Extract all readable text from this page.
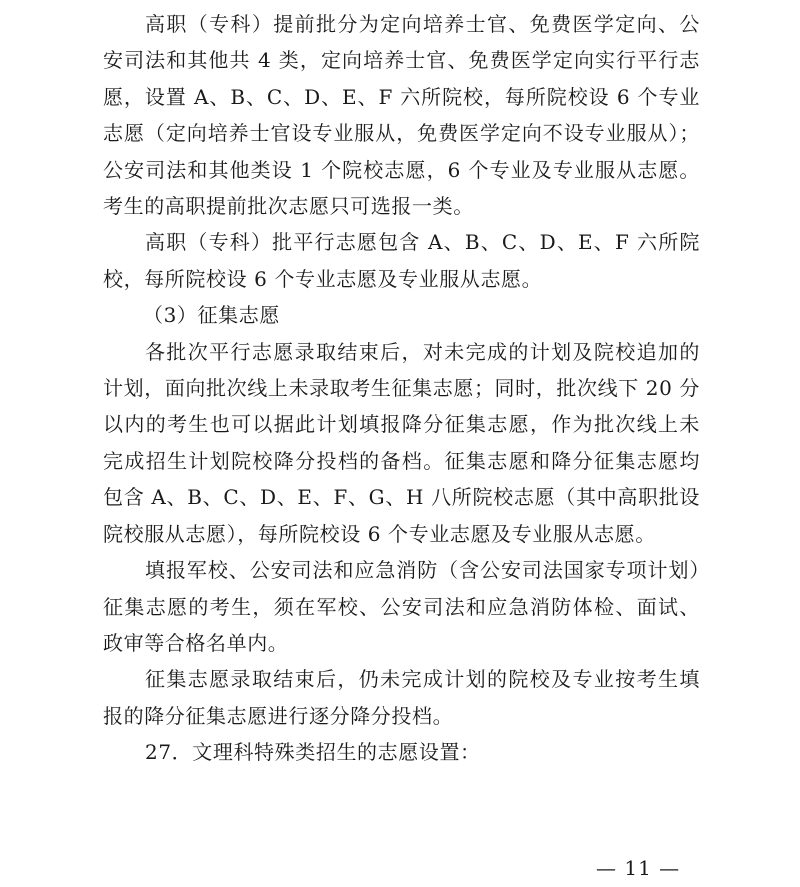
高职（专科）提前批分为定向培养士官、免费医学定向、公安司法和其他共 4 类，定向培养士官、免费医学定向实行平行志愿，设置 A、B、C、D、E、F 六所院校，每所院校设 6 个专业志愿（定向培养士官设专业服从，免费医学定向不设专业服从）；公安司法和其他类设 1 个院校志愿，6 个专业及专业服从志愿。考生的高职提前批次志愿只可选报一类。

高职（专科）批平行志愿包含 A、B、C、D、E、F 六所院校，每所院校设 6 个专业志愿及专业服从志愿。

（3）征集志愿

各批次平行志愿录取结束后，对未完成的计划及院校追加的计划，面向批次线上未录取考生征集志愿；同时，批次线下 20 分以内的考生也可以据此计划填报降分征集志愿，作为批次线上未完成招生计划院校降分投档的备档。征集志愿和降分征集志愿均包含 A、B、C、D、E、F、G、H 八所院校志愿（其中高职批设院校服从志愿），每所院校设 6 个专业志愿及专业服从志愿。

填报军校、公安司法和应急消防（含公安司法国家专项计划）征集志愿的考生，须在军校、公安司法和应急消防体检、面试、政审等合格名单内。

征集志愿录取结束后，仍未完成计划的院校及专业按考生填报的降分征集志愿进行逐分降分投档。

27．文理科特殊类招生的志愿设置：

— 11 —
